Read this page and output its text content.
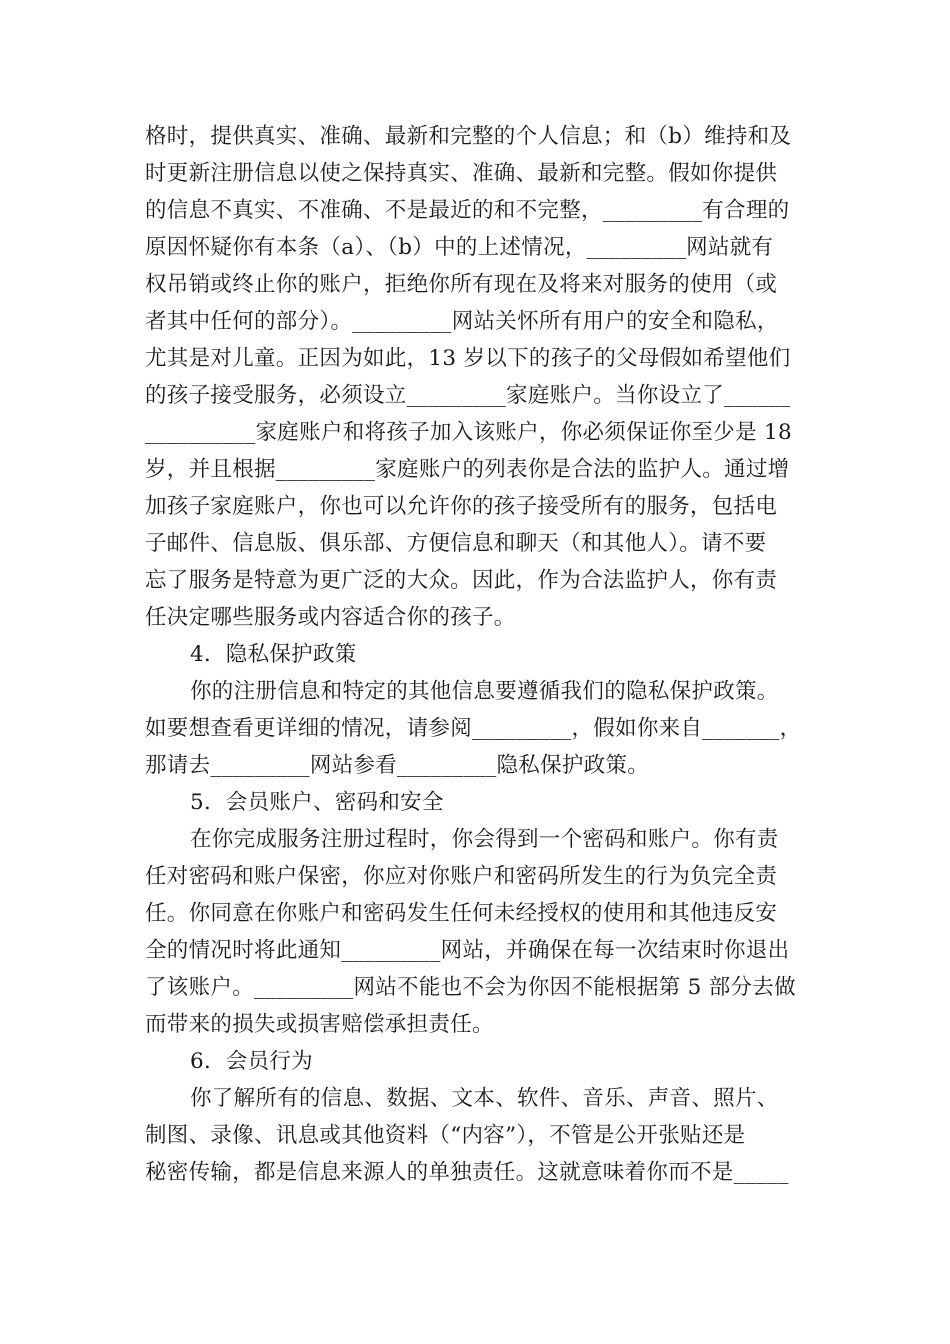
格时，提供真实、准确、最新和完整的个人信息；和（b）维持和及
时更新注册信息以使之保持真实、准确、最新和完整。假如你提供
的信息不真实、不准确、不是最近的和不完整，_________有合理的
原因怀疑你有本条（a）、（b）中的上述情况，_________网站就有
权吊销或终止你的账户，拒绝你所有现在及将来对服务的使用（或
者其中任何的部分）。_________网站关怀所有用户的安全和隐私，
尤其是对儿童。正因为如此，13 岁以下的孩子的父母假如希望他们
的孩子接受服务，必须设立_________家庭账户。当你设立了______
__________家庭账户和将孩子加入该账户，你必须保证你至少是 18
岁，并且根据_________家庭账户的列表你是合法的监护人。通过增
加孩子家庭账户，你也可以允许你的孩子接受所有的服务，包括电
子邮件、信息版、俱乐部、方便信息和聊天（和其他人）。请不要
忘了服务是特意为更广泛的大众。因此，作为合法监护人，你有责
任决定哪些服务或内容适合你的孩子。
4．隐私保护政策
你的注册信息和特定的其他信息要遵循我们的隐私保护政策。
如要想查看更详细的情况，请参阅_________，假如你来自_______，
那请去_________网站参看_________隐私保护政策。
5．会员账户、密码和安全
在你完成服务注册过程时，你会得到一个密码和账户。你有责
任对密码和账户保密，你应对你账户和密码所发生的行为负完全责
任。你同意在你账户和密码发生任何未经授权的使用和其他违反安
全的情况时将此通知_________网站，并确保在每一次结束时你退出
了该账户。_________网站不能也不会为你因不能根据第 5 部分去做
而带来的损失或损害赔偿承担责任。
6．会员行为
你了解所有的信息、数据、文本、软件、音乐、声音、照片、
制图、录像、讯息或其他资料（“内容”），不管是公开张贴还是
秘密传输，都是信息来源人的单独责任。这就意味着你而不是_____
